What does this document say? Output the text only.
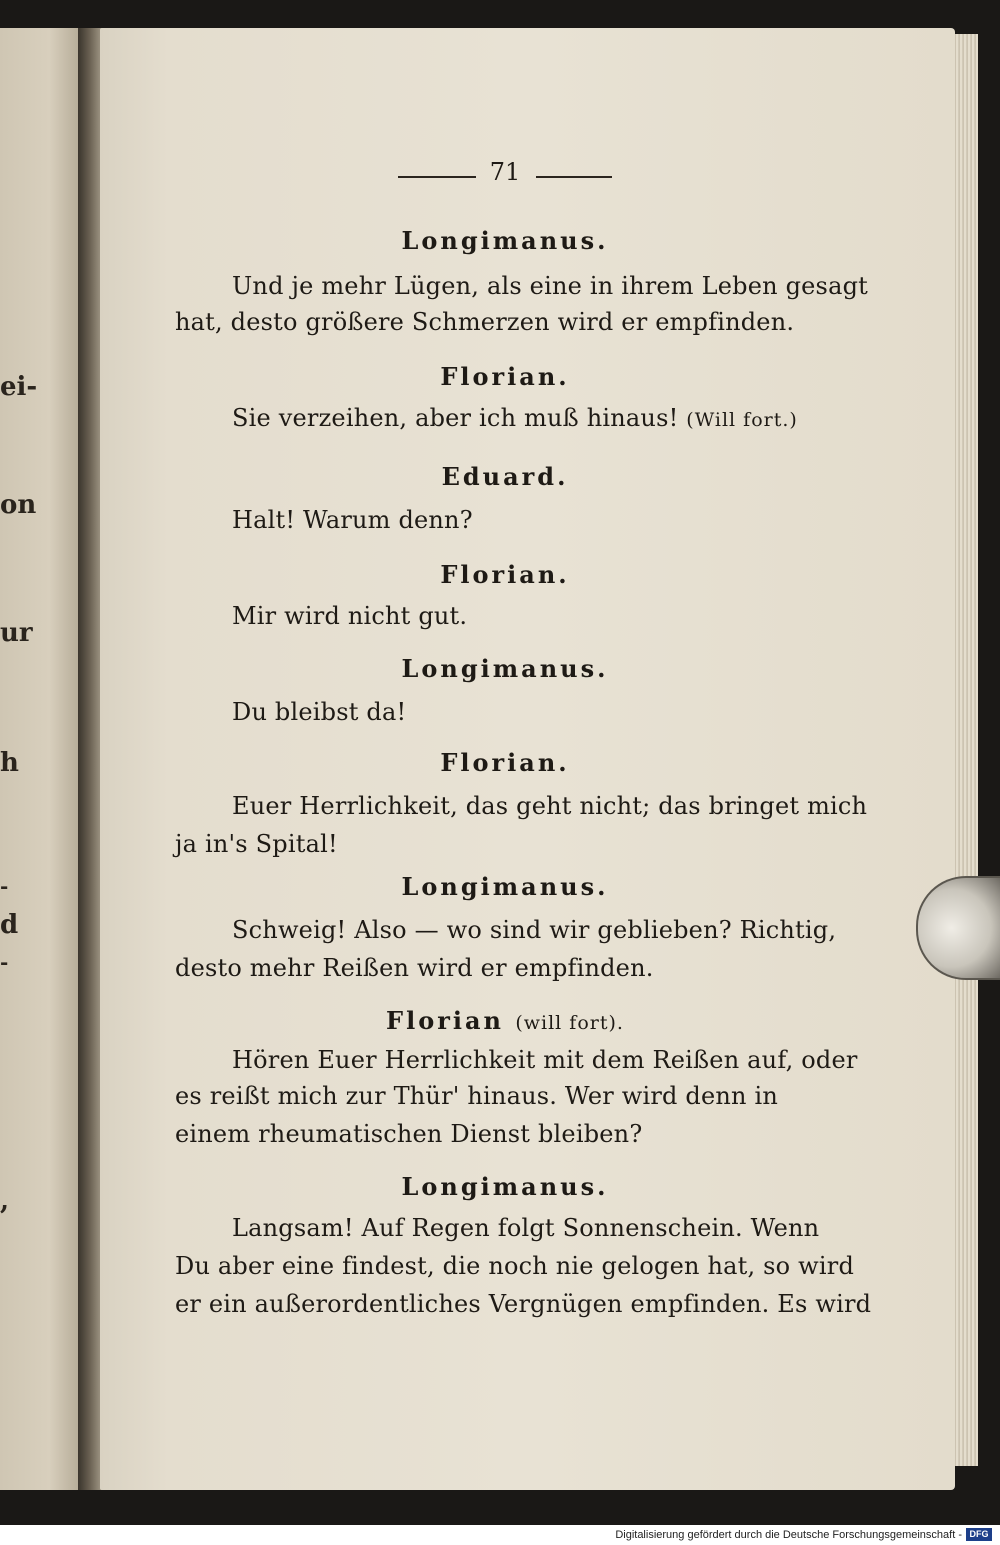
ei-
on
ur
h
-
d
-
,
71
Longimanus.
Und je mehr Lügen, als eine in ihrem Leben gesagt
hat, desto größere Schmerzen wird er empfinden.
Florian.
Sie verzeihen, aber ich muß hinaus! (Will fort.)
Eduard.
Halt! Warum denn?
Florian.
Mir wird nicht gut.
Longimanus.
Du bleibst da!
Florian.
Euer Herrlichkeit, das geht nicht; das bringet mich
ja in's Spital!
Longimanus.
Schweig! Also — wo sind wir geblieben? Richtig,
desto mehr Reißen wird er empfinden.
Florian (will fort).
Hören Euer Herrlichkeit mit dem Reißen auf, oder
es reißt mich zur Thür' hinaus. Wer wird denn in
einem rheumatischen Dienst bleiben?
Longimanus.
Langsam! Auf Regen folgt Sonnenschein. Wenn
Du aber eine findest, die noch nie gelogen hat, so wird
er ein außerordentliches Vergnügen empfinden. Es wird
Digitalisierung gefördert durch die Deutsche Forschungsgemeinschaft - DFG
